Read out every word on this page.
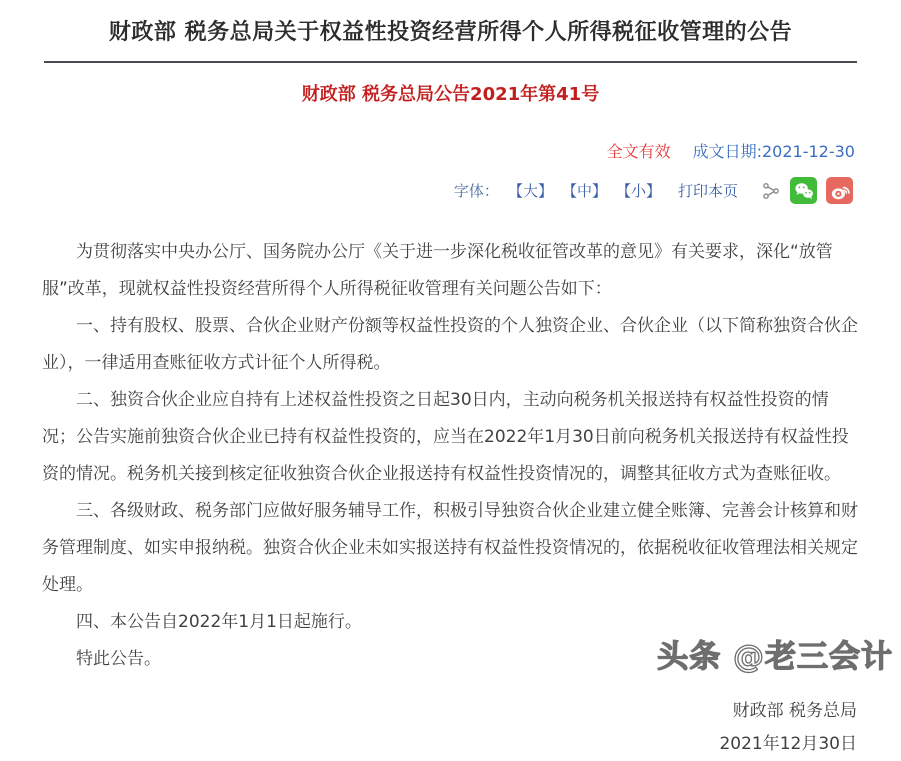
财政部 税务总局关于权益性投资经营所得个人所得税征收管理的公告
财政部 税务总局公告2021年第41号
全文有效 成文日期:2021-12-30
字体： 【大】 【中】 【小】 打印本页

为贯彻落实中央办公厅、国务院办公厅《关于进一步深化税收征管改革的意见》有关要求，深化“放管服”改革，现就权益性投资经营所得个人所得税征收管理有关问题公告如下：

一、持有股权、股票、合伙企业财产份额等权益性投资的个人独资企业、合伙企业（以下简称独资合伙企业），一律适用查账征收方式计征个人所得税。

二、独资合伙企业应自持有上述权益性投资之日起30日内，主动向税务机关报送持有权益性投资的情况；公告实施前独资合伙企业已持有权益性投资的，应当在2022年1月30日前向税务机关报送持有权益性投资的情况。税务机关接到核定征收独资合伙企业报送持有权益性投资情况的，调整其征收方式为查账征收。

三、各级财政、税务部门应做好服务辅导工作，积极引导独资合伙企业建立健全账簿、完善会计核算和财务管理制度、如实申报纳税。独资合伙企业未如实报送持有权益性投资情况的，依据税收征收管理法相关规定处理。

四、本公告自2022年1月1日起施行。

特此公告。

财政部 税务总局
2021年12月30日
头条 @老三会计
